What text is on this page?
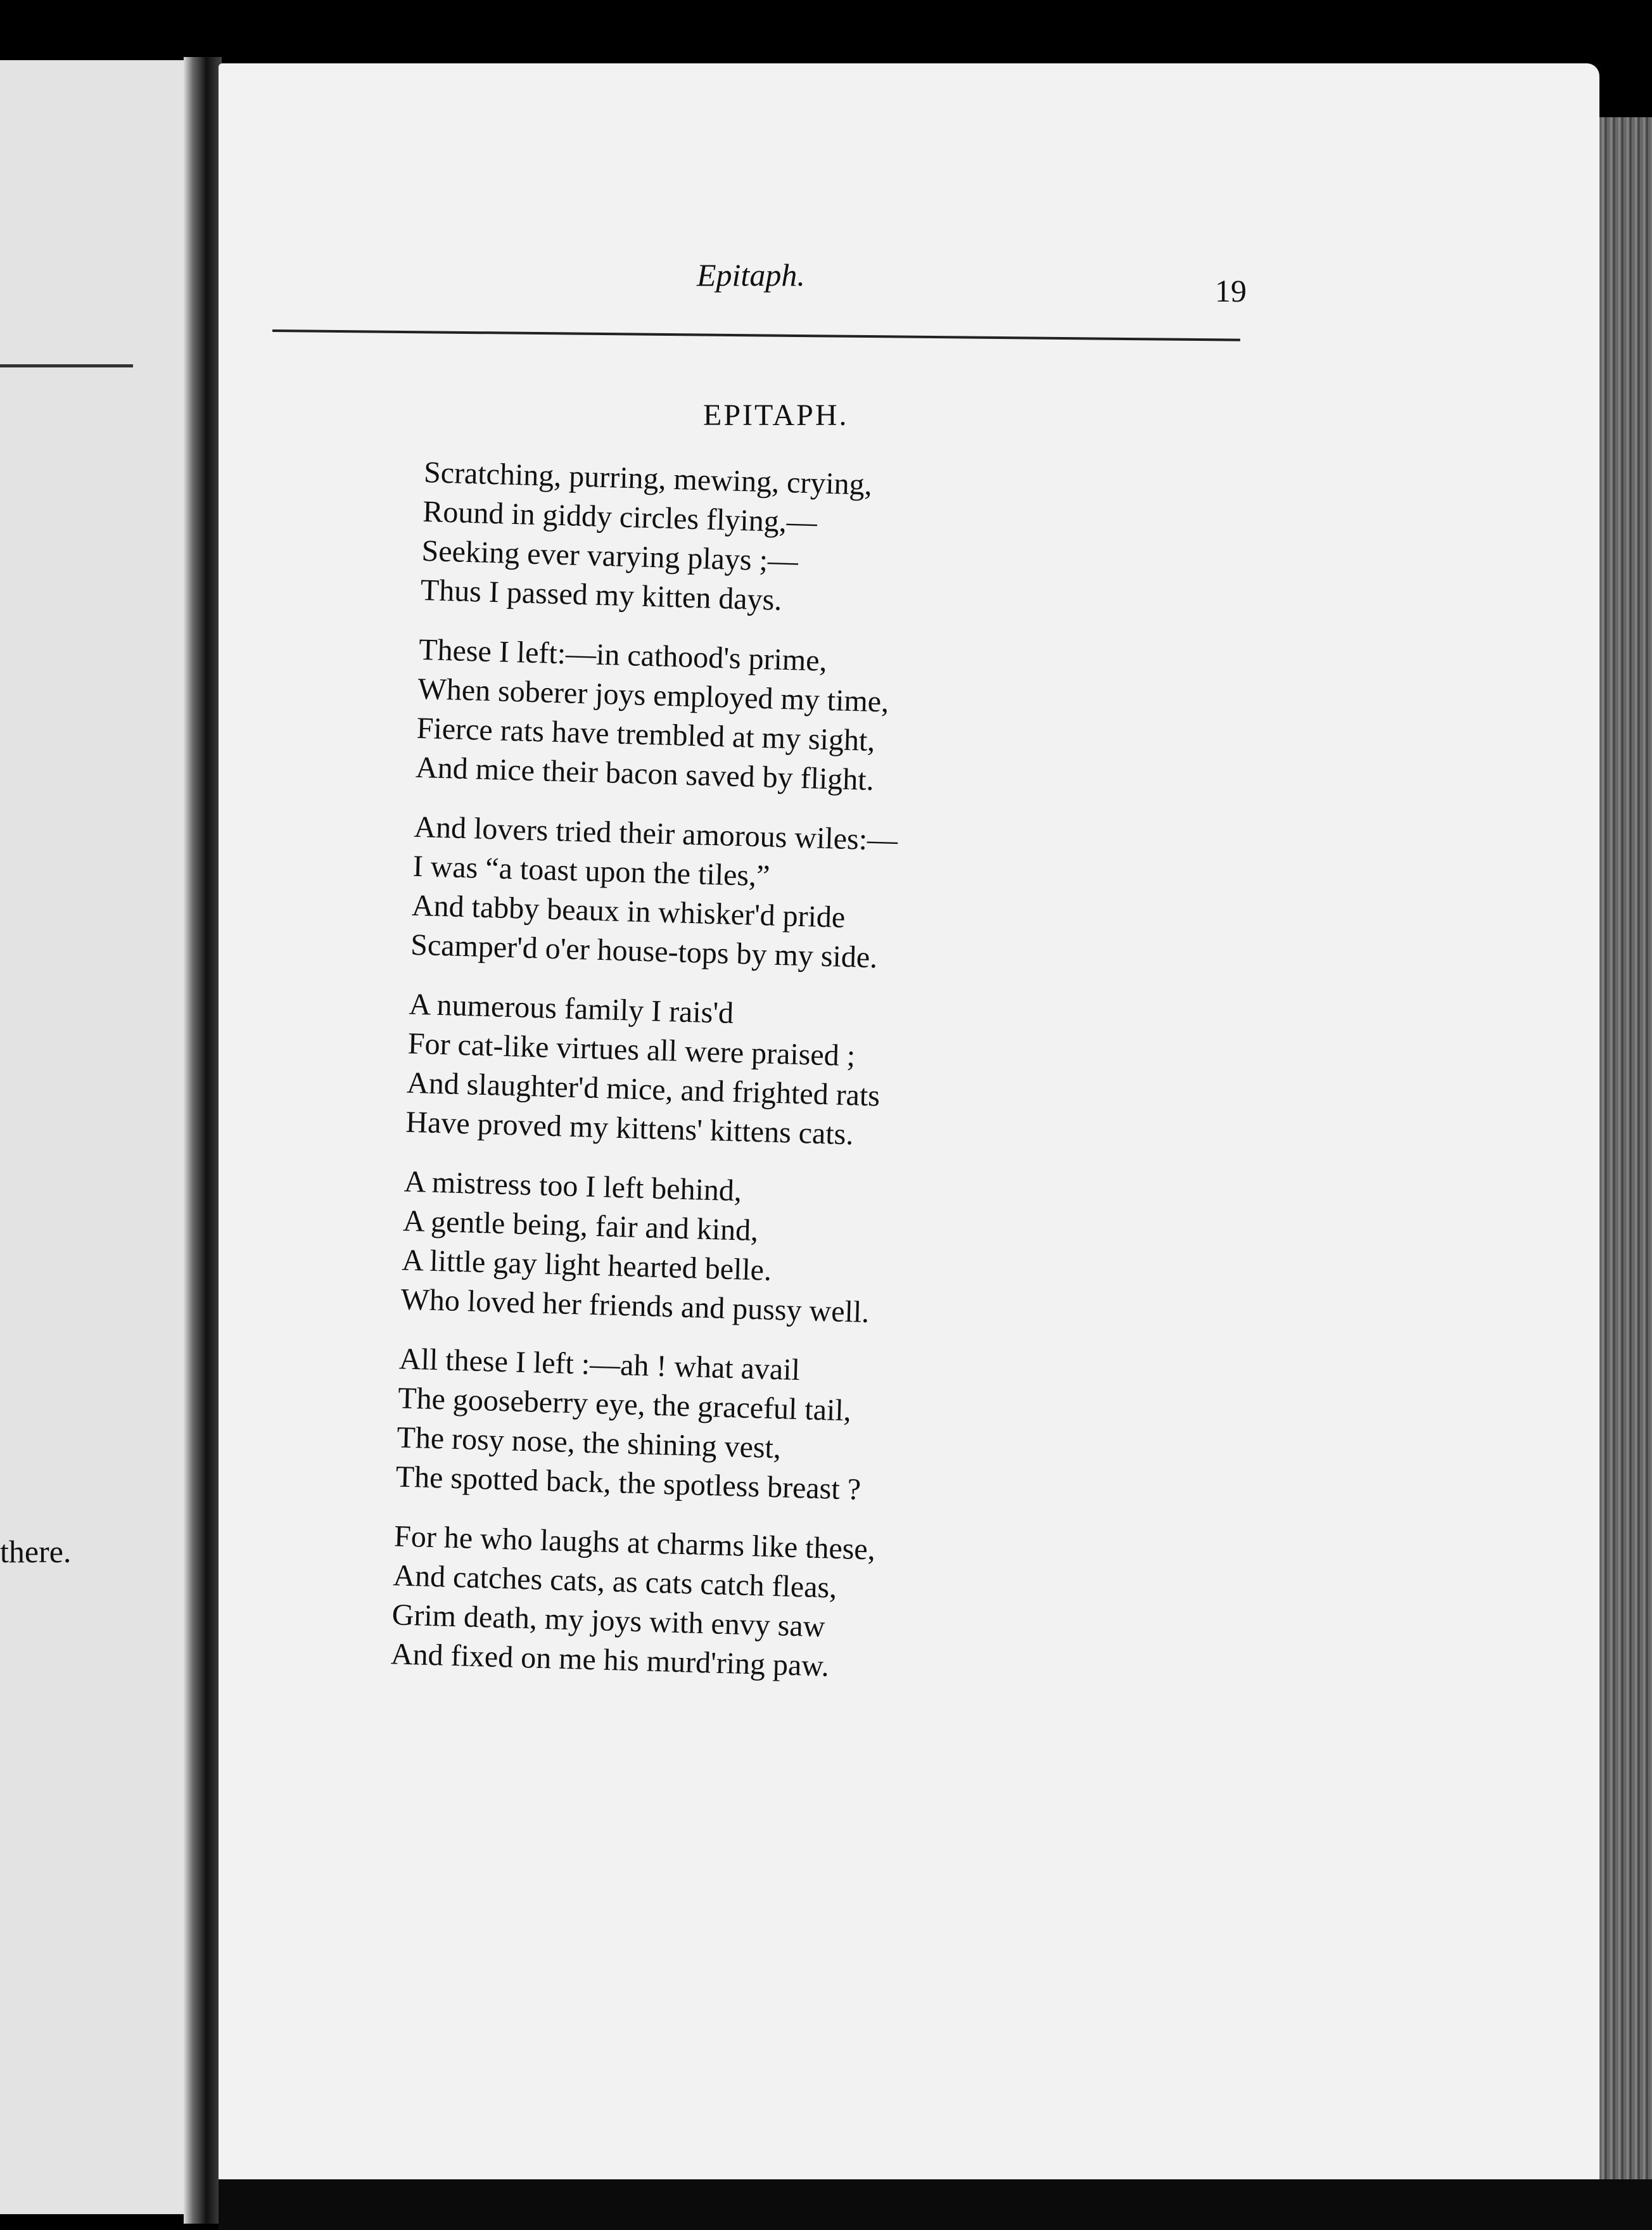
there.
Epitaph.	19
EPITAPH.
Scratching, purring, mewing, crying,
Round in giddy circles flying,—
Seeking ever varying plays ;—
Thus I passed my kitten days.
These I left:—in cathood's prime,
When soberer joys employed my time,
Fierce rats have trembled at my sight,
And mice their bacon saved by flight.
And lovers tried their amorous wiles:—
I was “a toast upon the tiles,”
And tabby beaux in whisker'd pride
Scamper'd o'er house-tops by my side.
A numerous family I rais'd
For cat-like virtues all were praised ;
And slaughter'd mice, and frighted rats
Have proved my kittens' kittens cats.
A mistress too I left behind,
A gentle being, fair and kind,
A little gay light hearted belle.
Who loved her friends and pussy well.
All these I left :—ah ! what avail
The gooseberry eye, the graceful tail,
The rosy nose, the shining vest,
The spotted back, the spotless breast ?
For he who laughs at charms like these,
And catches cats, as cats catch fleas,
Grim death, my joys with envy saw
And fixed on me his murd'ring paw.
